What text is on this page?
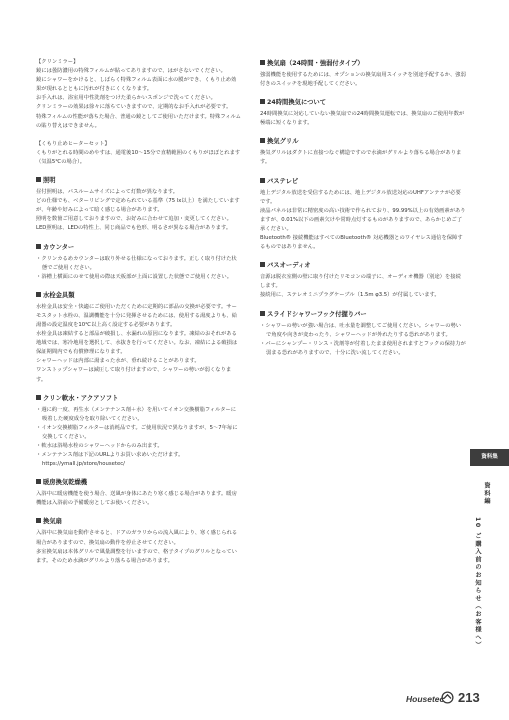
【クリンミラー】

鏡には曇防濃用の特殊フィルムが貼ってありますので、はがさないでください。

鏡にシャワーをかけると、しばらく特殊フィルム表面に水の膜ができ、くもり止め効果が現れるとともに汚れが付きにくくなります。

お手入れは、浴室用中性洗剤をつけた柔らかいスポンジで洗ってください。

クリンミラーの効果は徐々に落ちていきますので、定期的なお手入れが必要です。

特殊フィルムの性能が落ちた場合、普通の鏡としてご使用いただけます。特殊フィルムの貼り替えはできません。

【くもり止めヒーターセット】

くもりがとれる時間のめやすは、通電後10～15分で直精範囲のくもりがほぼとれます（気温5℃の場合）。

照明

昼付照明は、バスルームサイズによって灯数が異なります。

どの仕様でも、ベターリビングで定められている基準（75 lx以上）を満たしていますが、年齢や好みによって暗く感じる場合があります。

照明を数箇ご用意しておりますので、お好みに合わせて追加・変更してください。

LED照明は、LEDの特性上、同じ商品でも色形、明るさが異なる場合があります。

カウンター

・クリンカるめカウンターは取り外せる仕様になっております。正しく取り付けた状態でご使用ください。

・浴槽上横面にのせて使用の際は天板部が上面に設置した状態でご使用ください。

水栓金具類

水栓金具は安全・快適にご使用いただくために定期的に部品の交換が必要です。サーモスタット水栓の、温調機能を十分に発揮させるためには、使用する湯度よりも、給湯器の設定温度を10℃以上高く設定する必要があります。

水栓金具は凍結すると部品が破損し、水漏れの原因になります。凍結のおそれがある地域では、寒冷地用を選択して、水抜きを行ってください。なお、凍結による破損は保証期間内でも有償修理になります。

シャワーヘッドは内部に湯まった水が、垂れ続けることがあります。

ワンストップシャワーは減圧して取り付けますので、シャワーの勢いが弱くなります。

クリン軟水・アクアソフト

・週に約一度、再生水（メンテナンス剤＋水）を用いてイオン交換樹脂フィルターに吸着した硬度成分を取り除いてください。

・イオン交換樹脂フィルターは消耗品です。ご使用状況で異なりますが、5～7年毎に交換してください。

・軟水は浴場水栓のシャワーヘッドからのみ出ます。

・メンテナンス剤は下記のURLよりお買い求めいただけます。 https://ymall.jp/store/housetec/

暖房換気乾燥機

入浴中に暖房機能を使う場合、送風が身体にあたり寒く感じる場合があります。暖房機能は入浴前の予備暖房としてお使いください。

換気扇

入浴中に換気扇を動作させると、ドアのガラリからの流入風により、寒く感じられる場合がありますので、換気扇の動作を停止させてください。

多室換気扇は本体グリルで風量調整を行いますので、格子タイプのグリルとなっています。そのため水滴がグリルより落ちる場合があります。

換気扇（24時間・強弱付タイプ）

強弱機能を使用するためには、オプションの換気扇用スイッチを別途手配するか、強弱付きのスイッチを現地手配してください。

24時間換気について

24時間換気に対応していない換気扇での24時間換気運転では、換気扇のご使用年数が極端に短くなります。

換気グリル

換気グリルはダクトに直接つなぐ構造ですので水滴がグリルより落ちる場合があります。

バステレビ

地上デジタル放送を受信するためには、地上デジタル放送対応のUHFアンテナが必要です。

液晶パネルは非常に精密度の高い技術で作られており、99.99%以上の有効画素がありますが、0.01%以下の画素欠けや常時点灯するものがありますので、あらかじめご了承ください。

Bluetooth® 接続機能はすべてのBluetooth® 対応機器とのワイヤレス通信を保障するものではありません。

バスオーディオ

音源は脱衣室側の壁に取り付けたリモコンの端子に、オーディオ機器（別途）を接続します。

接続用に、ステレオミニプラグケーブル（1.5m φ3.5）が付属しています。

スライドシャワーフック付握りバー

・シャワーの勢いが強い場合は、吐水量を調整してご使用ください。シャワーの勢いで角度や向きが変わったり、シャワーヘッドが外れたりする恐れがあります。

・バーにシャンプー・リンス・洗剤等が付着したまま使用されますとフックの保持力が弱まる恐れがありますので、十分に洗い流してください。

資料集
資料編
10 ご購入前のお知らせ（お客様へ）
Housetec 213
